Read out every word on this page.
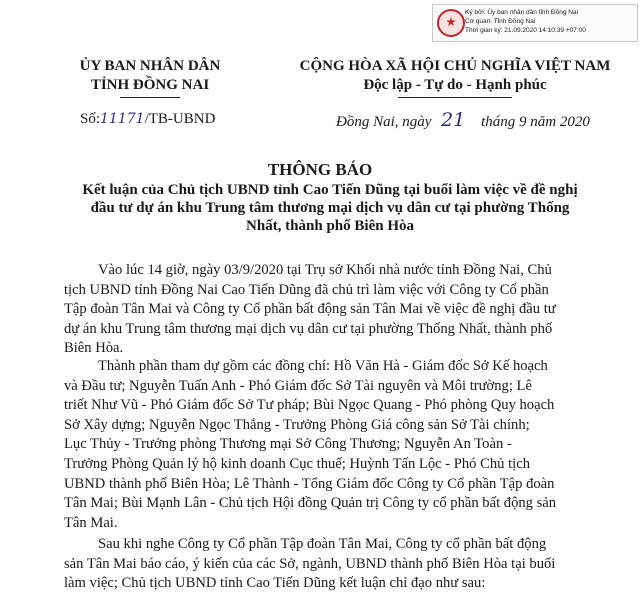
Ký bởi: Ủy ban nhân dân tỉnh Đồng Nai
Cơ quan: Tỉnh Đồng Nai
Thời gian ký: 21.09.2020 14:10:39 +07:00
ỦY BAN NHÂN DÂN
TỈNH ĐỒNG NAI
Số:11171/TB-UBND
CỘNG HÒA XÃ HỘI CHỦ NGHĨA VIỆT NAM
Độc lập - Tự do - Hạnh phúc
Đồng Nai, ngày 21 tháng 9 năm 2020
THÔNG BÁO
Kết luận của Chủ tịch UBND tỉnh Cao Tiến Dũng tại buổi làm việc về đề nghị
đầu tư dự án khu Trung tâm thương mại dịch vụ dân cư tại phường Thống
Nhất, thành phố Biên Hòa
Vào lúc 14 giờ, ngày 03/9/2020 tại Trụ sở Khối nhà nước tỉnh Đồng Nai, Chủ
tịch UBND tỉnh Đồng Nai Cao Tiến Dũng đã chủ trì làm việc với Công ty Cổ phần
Tập đoàn Tân Mai và Công ty Cổ phần bất động sản Tân Mai về việc đề nghị đầu tư
dự án khu Trung tâm thương mại dịch vụ dân cư tại phường Thống Nhất, thành phố
Biên Hòa.
Thành phần tham dự gồm các đồng chí: Hồ Văn Hà - Giám đốc Sở Kế hoạch
và Đầu tư; Nguyễn Tuấn Anh - Phó Giám đốc Sở Tài nguyên và Môi trường; Lê
triết Như Vũ - Phó Giám đốc Sở Tư pháp; Bùi Ngọc Quang - Phó phòng Quy hoạch
Sở Xây dựng; Nguyễn Ngọc Thắng - Trưởng Phòng Giá công sản Sở Tài chính;
Lục Thủy - Trưởng phòng Thương mại Sở Công Thương; Nguyễn An Toàn -
Trưởng Phòng Quản lý hộ kinh doanh Cục thuế; Huỳnh Tấn Lộc - Phó Chủ tịch
UBND thành phố Biên Hòa; Lê Thành - Tổng Giám đốc Công ty Cổ phần Tập đoàn
Tân Mai; Bùi Mạnh Lân - Chủ tịch Hội đồng Quản trị Công ty cổ phần bất động sản
Tân Mai.
Sau khi nghe Công ty Cổ phần Tập đoàn Tân Mai, Công ty cổ phần bất động
sản Tân Mai báo cáo, ý kiến của các Sở, ngành, UBND thành phố Biên Hòa tại buổi
làm việc; Chủ tịch UBND tỉnh Cao Tiến Dũng kết luận chỉ đạo như sau:
